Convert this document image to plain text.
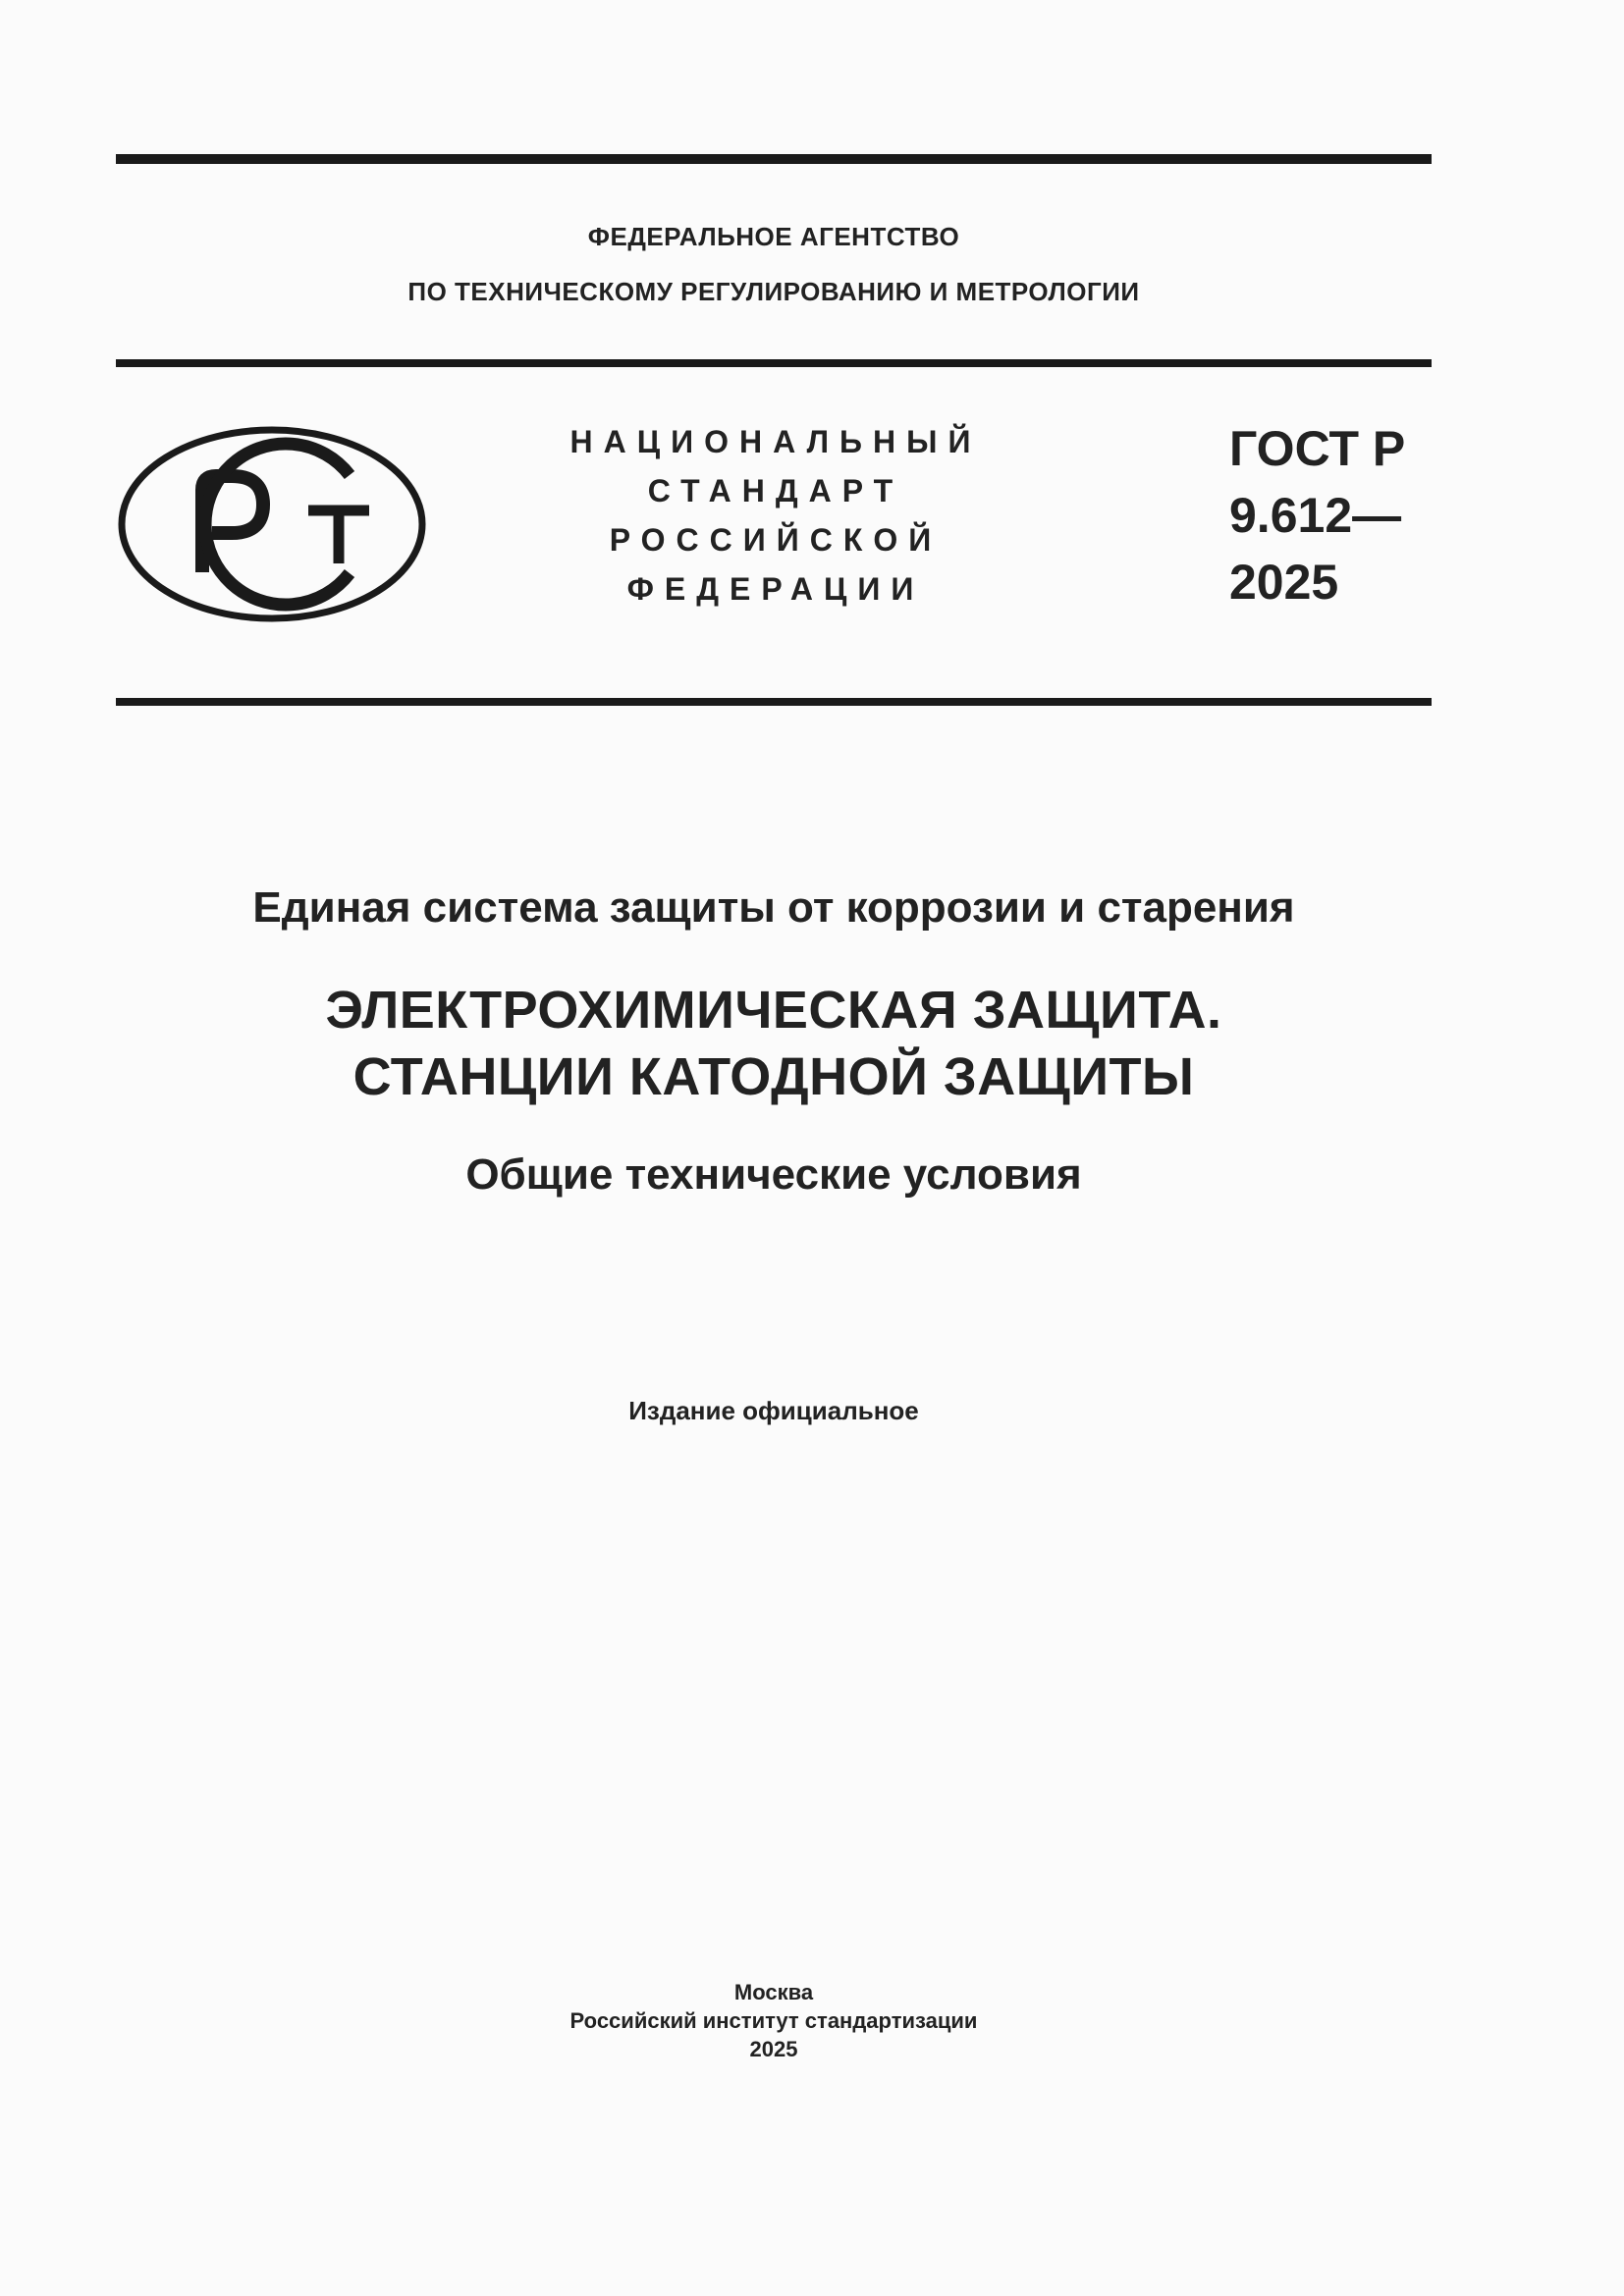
ФЕДЕРАЛЬНОЕ АГЕНТСТВО
ПО ТЕХНИЧЕСКОМУ РЕГУЛИРОВАНИЮ И МЕТРОЛОГИИ
НАЦИОНАЛЬНЫЙ
СТАНДАРТ
РОССИЙСКОЙ
ФЕДЕРАЦИИ
ГОСТ Р
9.612—
2025
Единая система защиты от коррозии и старения
ЭЛЕКТРОХИМИЧЕСКАЯ ЗАЩИТА.
СТАНЦИИ КАТОДНОЙ ЗАЩИТЫ
Общие технические условия
Издание официальное
Москва
Российский институт стандартизации
2025
